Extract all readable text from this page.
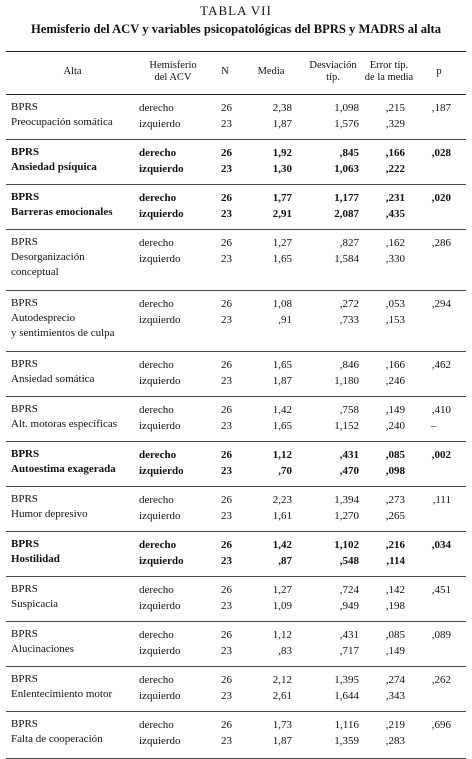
TABLA VII
Hemisferio del ACV y variables psicopatológicas del BPRS y MADRS al alta
Alta
Hemisferio
del ACV
N	Media
Desviación
típ.
Error típ.
de la media
p
BPRS
Preocupación somática
derecho	26	2,38	1,098	,215	,187
izquierdo	23	1,87	1,576	,329
BPRS
Ansiedad psíquica
derecho	26	1,92	,845	,166	,028
izquierdo	23	1,30	1,063	,222
BPRS
Barreras emocionales
derecho	26	1,77	1,177	,231	,020
izquierdo	23	2,91	2,087	,435
BPRS
Desorganización
conceptual
derecho	26	1,27	,827	,162	,286
izquierdo	23	1,65	1,584	,330
BPRS
Autodesprecio
y sentimientos de culpa
derecho	26	1,08	,272	,053	,294
izquierdo	23	,91	,733	,153
BPRS
Ansiedad somática
derecho	26	1,65	,846	,166	,462
izquierdo	23	1,87	1,180	,246
BPRS
Alt. motoras específicas
derecho	26	1,42	,758	,149	,410
izquierdo	23	1,65	1,152	,240 –
BPRS
Autoestima exagerada
derecho	26	1,12	,431	,085	,002
izquierdo	23	,70	,470	,098
BPRS
Humor depresivo
derecho	26	2,23	1,394	,273	,111
izquierdo	23	1,61	1,270	,265
BPRS
Hostilidad
derecho	26	1,42	1,102	,216	,034
izquierdo	23	,87	,548	,114
BPRS
Suspicacia
derecho	26	1,27	,724	,142	,451
izquierdo	23	1,09	,949	,198
BPRS
Alucinaciones
derecho	26	1,12	,431	,085	,089
izquierdo	23	,83	,717	,149
BPRS
Enlentecimiento motor
derecho	26	2,12	1,395	,274	,262
izquierdo	23	2,61	1,644	,343
BPRS
Falta de cooperación
derecho	26	1,73	1,116	,219	,696
izquierdo	23	1,87	1,359	,283
